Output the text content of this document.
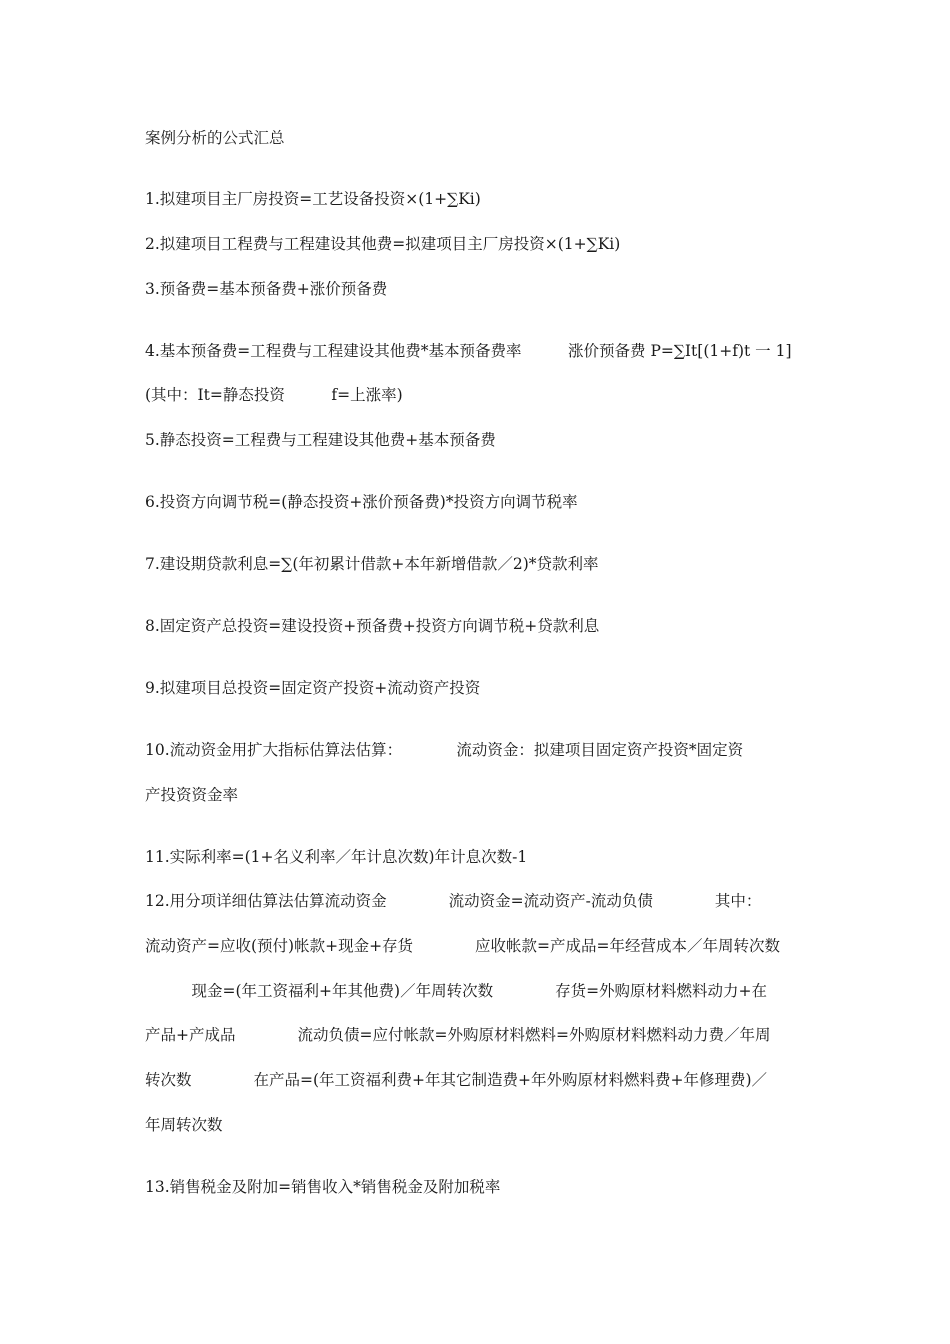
案例分析的公式汇总
1.拟建项目主厂房投资=工艺设备投资×(1+∑Ki)
2.拟建项目工程费与工程建设其他费=拟建项目主厂房投资×(1+∑Ki)
3.预备费=基本预备费+涨价预备费
4.基本预备费=工程费与工程建设其他费*基本预备费率　　　涨价预备费 P=∑It[(1+f)t 一 1]
(其中：It=静态投资　　　f=上涨率)
5.静态投资=工程费与工程建设其他费+基本预备费
6.投资方向调节税=(静态投资+涨价预备费)*投资方向调节税率
7.建设期贷款利息=∑(年初累计借款+本年新增借款／2)*贷款利率
8.固定资产总投资=建设投资+预备费+投资方向调节税+贷款利息
9.拟建项目总投资=固定资产投资+流动资产投资
10.流动资金用扩大指标估算法估算：　　　　流动资金：拟建项目固定资产投资*固定资
产投资资金率
11.实际利率=(1+名义利率／年计息次数)年计息次数-1
12.用分项详细估算法估算流动资金　　　　流动资金=流动资产-流动负债　　　　其中：
流动资产=应收(预付)帐款+现金+存货　　　　应收帐款=产成品=年经营成本／年周转次数
　　　现金=(年工资福利+年其他费)／年周转次数　　　　存货=外购原材料燃料动力+在
产品+产成品　　　　流动负债=应付帐款=外购原材料燃料=外购原材料燃料动力费／年周
转次数　　　　在产品=(年工资福利费+年其它制造费+年外购原材料燃料费+年修理费)／
年周转次数
13.销售税金及附加=销售收入*销售税金及附加税率
